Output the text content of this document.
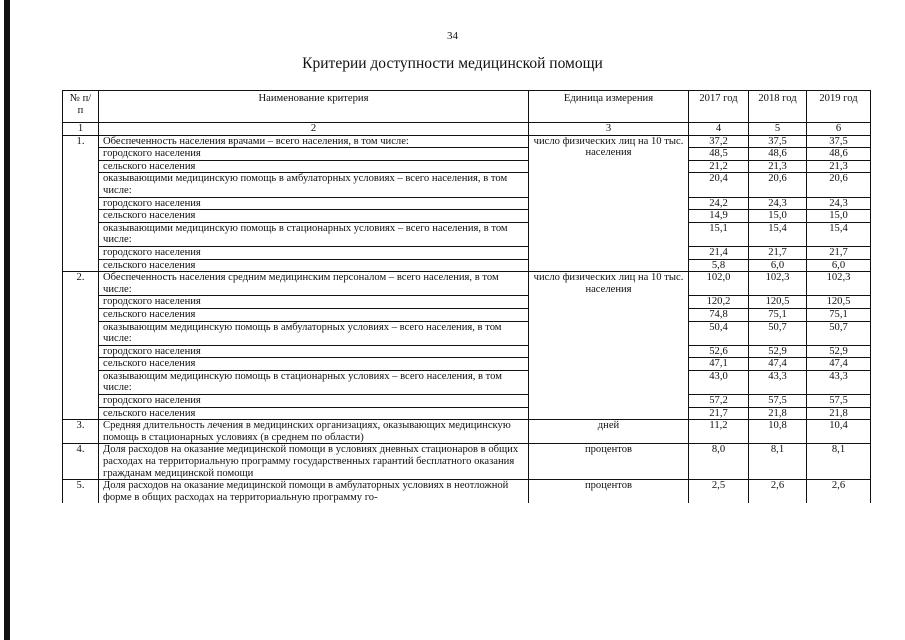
34
Критерии доступности медицинской помощи
№ п/п	Наименование критерия	Единица измерения	2017 год	2018 год	2019 год
1	2	3	4	5	6
1.	Обеспеченность населения врачами – всего населения, в том числе:	число физических лиц на 10 тыс. населения	37,2	37,5	37,5
	городского населения		48,5	48,6	48,6
	сельского населения		21,2	21,3	21,3
	оказывающими медицинскую помощь в амбулаторных условиях – всего населения, в том числе:		20,4	20,6	20,6
	городского населения		24,2	24,3	24,3
	сельского населения		14,9	15,0	15,0
	оказывающими медицинскую помощь в стационарных условиях – всего населения, в том числе:		15,1	15,4	15,4
	городского населения		21,4	21,7	21,7
	сельского населения		5,8	6,0	6,0
2.	Обеспеченность населения средним медицинским персоналом – всего населения, в том числе:	число физических лиц на 10 тыс. населения	102,0	102,3	102,3
	городского населения		120,2	120,5	120,5
	сельского населения		74,8	75,1	75,1
	оказывающим медицинскую помощь в амбулаторных условиях – всего населения, в том числе:		50,4	50,7	50,7
	городского населения		52,6	52,9	52,9
	сельского населения		47,1	47,4	47,4
	оказывающим медицинскую помощь в стационарных условиях – всего населения, в том числе:		43,0	43,3	43,3
	городского населения		57,2	57,5	57,5
	сельского населения		21,7	21,8	21,8
3.	Средняя длительность лечения в медицинских организациях, оказывающих медицинскую помощь в стационарных условиях (в среднем по области)	дней	11,2	10,8	10,4
4.	Доля расходов на оказание медицинской помощи в условиях дневных стационаров в общих расходах на территориальную программу государственных гарантий бесплатного оказания гражданам медицинской помощи	процентов	8,0	8,1	8,1
5.	Доля расходов на оказание медицинской помощи в амбулаторных условиях в неотложной форме в общих расходах на территориальную программу го-	процентов	2,5	2,6	2,6
